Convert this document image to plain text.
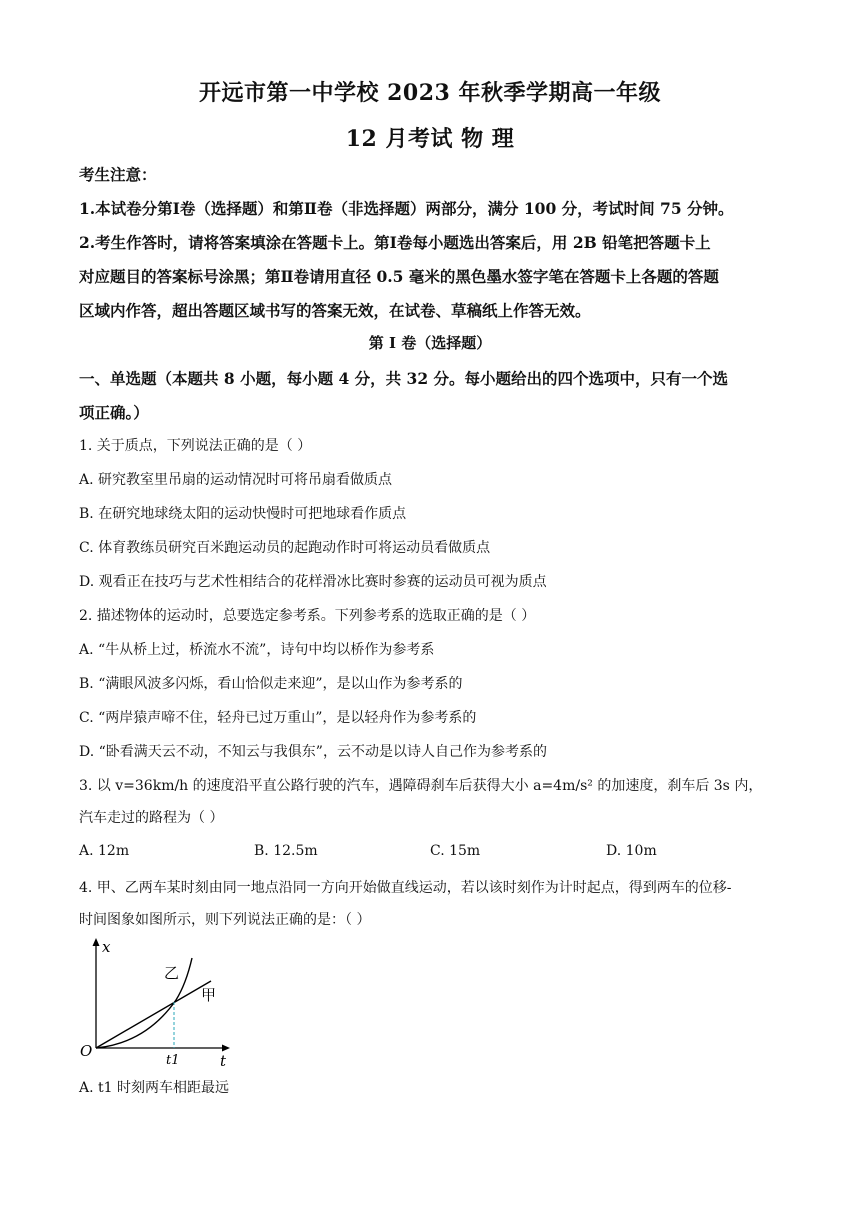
开远市第一中学校 2023 年秋季学期高一年级
12 月考试 物 理
考生注意：
1.本试卷分第Ⅰ卷（选择题）和第Ⅱ卷（非选择题）两部分，满分 100 分，考试时间 75 分钟。
2.考生作答时，请将答案填涂在答题卡上。第Ⅰ卷每小题选出答案后，用 2B 铅笔把答题卡上
对应题目的答案标号涂黑；第Ⅱ卷请用直径 0.5 毫米的黑色墨水签字笔在答题卡上各题的答题
区域内作答，超出答题区域书写的答案无效，在试卷、草稿纸上作答无效。
第 I 卷（选择题）
一、单选题（本题共 8 小题，每小题 4 分，共 32 分。每小题给出的四个选项中，只有一个选
项正确。）
1. 关于质点，下列说法正确的是（ ）
A. 研究教室里吊扇的运动情况时可将吊扇看做质点
B. 在研究地球绕太阳的运动快慢时可把地球看作质点
C. 体育教练员研究百米跑运动员的起跑动作时可将运动员看做质点
D. 观看正在技巧与艺术性相结合的花样滑冰比赛时参赛的运动员可视为质点
2. 描述物体的运动时，总要选定参考系。下列参考系的选取正确的是（ ）
A. “牛从桥上过，桥流水不流”，诗句中均以桥作为参考系
B. “满眼风波多闪烁，看山恰似走来迎”，是以山作为参考系的
C. “两岸猿声啼不住，轻舟已过万重山”，是以轻舟作为参考系的
D. “卧看满天云不动，不知云与我俱东”，云不动是以诗人自己作为参考系的
3. 以 v=36km/h 的速度沿平直公路行驶的汽车，遇障碍刹车后获得大小 a=4m/s² 的加速度，刹车后 3s 内，
汽车走过的路程为（ ）
A. 12m	B. 12.5m	C. 15m	D. 10m
4. 甲、乙两车某时刻由同一地点沿同一方向开始做直线运动，若以该时刻作为计时起点，得到两车的位移-
时间图象如图所示，则下列说法正确的是：（ ）
x
t
O
t1
乙
甲
A. t1 时刻两车相距最远
